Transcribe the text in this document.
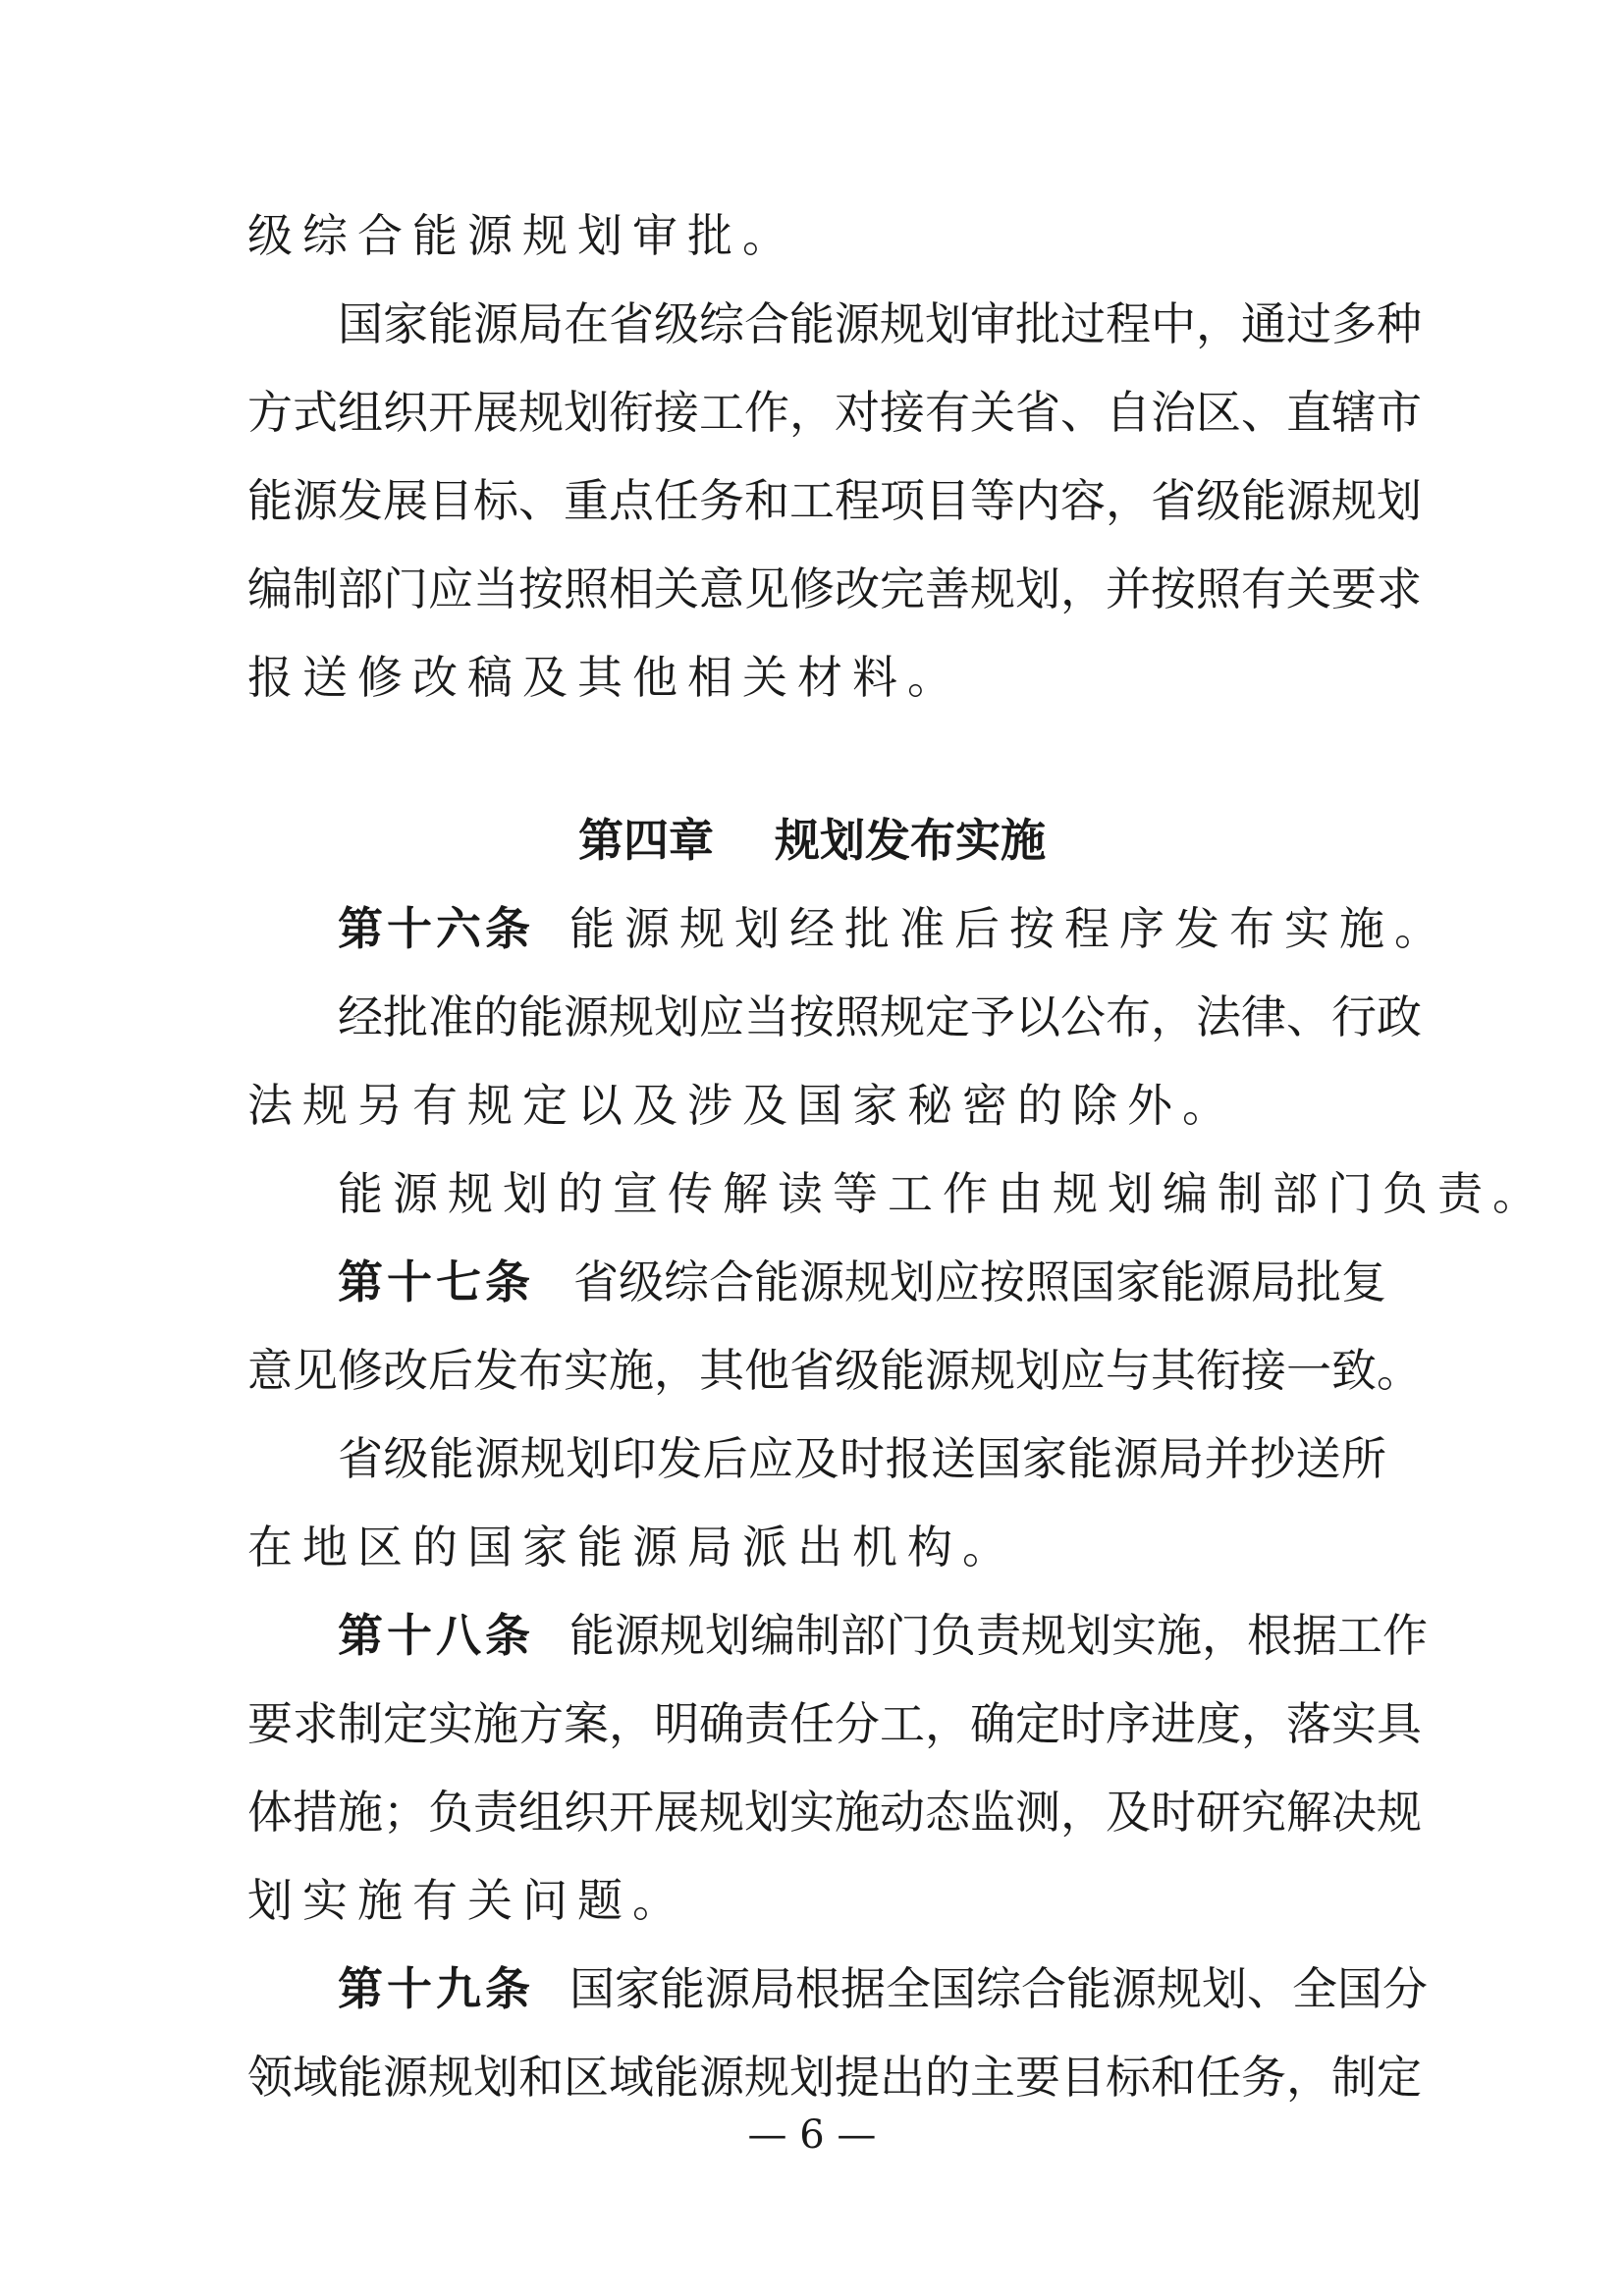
级综合能源规划审批。
国 家 能 源 局 在 省 级 综 合 能 源 规 划 审 批 过 程 中 ， 通 过 多 种
方 式 组 织 开 展 规 划 衔 接 工 作 ， 对 接 有 关 省 、 自 治 区 、 直 辖 市
能 源 发 展 目 标 、 重 点 任 务 和 工 程 项 目 等 内 容 ， 省 级 能 源 规 划
编 制 部 门 应 当 按 照 相 关 意 见 修 改 完 善 规 划 ， 并 按 照 有 关 要 求
报送修改稿及其他相关材料。
第四章 规划发布实施
第十六条 能源规划经批准后按程序发布实施。
经 批 准 的 能 源 规 划 应 当 按 照 规 定 予 以 公 布 ， 法 律 、 行 政
法规另有规定以及涉及国家秘密的除外。
能源规划的宣传解读等工作由规划编制部门负责。
第十七条 省级综合能源规划应按照国家能源局批复
意 见 修 改 后 发 布 实 施 ， 其 他 省 级 能 源 规 划 应 与 其 衔 接 一 致 。
省 级 能 源 规 划 印 发 后 应 及 时 报 送 国 家 能 源 局 并 抄 送 所
在地区的国家能源局派出机构。
第十八条 能源规划编制部门负责规划实施，根据工作
要 求 制 定 实 施 方 案 ， 明 确 责 任 分 工 ， 确 定 时 序 进 度 ， 落 实 具
体 措 施 ； 负 责 组 织 开 展 规 划 实 施 动 态 监 测 ， 及 时 研 究 解 决 规
划实施有关问题。
第十九条 国家能源局根据全国综合能源规划、全国分
领 域 能 源 规 划 和 区 域 能 源 规 划 提 出 的 主 要 目 标 和 任 务 ， 制 定
— 6 —
